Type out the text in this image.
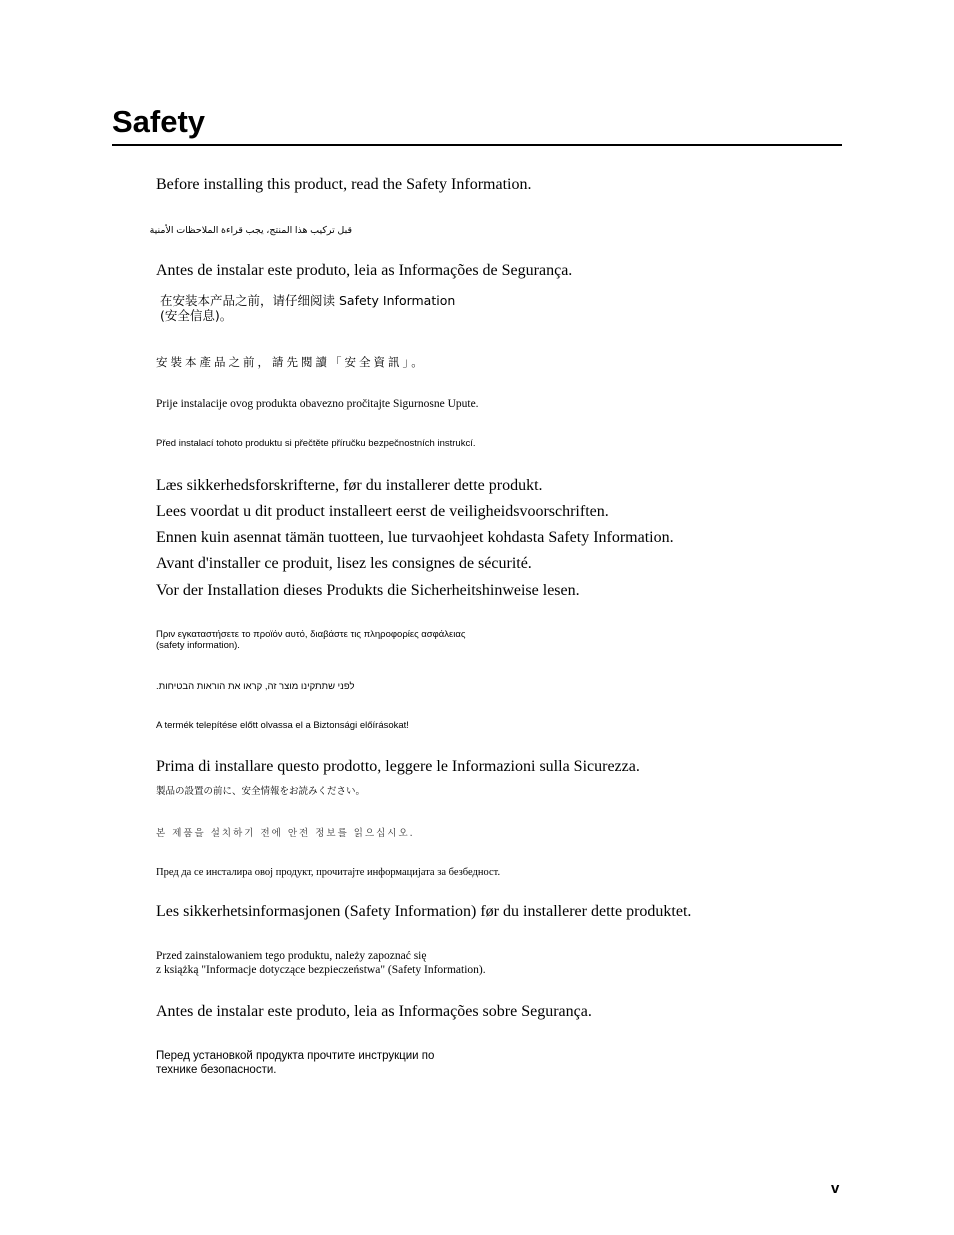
Safety
Before installing this product, read the Safety Information.
قبل تركيب هذا المنتج، يجب قراءة الملاحظات الأمنية
Antes de instalar este produto, leia as Informações de Segurança.
在安装本产品之前，请仔细阅读 Safety Information
(安全信息)。
安裝本產品之前，請先閱讀「安全資訊」。
Prije instalacije ovog produkta obavezno pročitajte Sigurnosne Upute.
Před instalací tohoto produktu si přečtěte příručku bezpečnostních instrukcí.
Læs sikkerhedsforskrifterne, før du installerer dette produkt.
Lees voordat u dit product installeert eerst de veiligheidsvoorschriften.
Ennen kuin asennat tämän tuotteen, lue turvaohjeet kohdasta Safety Information.
Avant d'installer ce produit, lisez les consignes de sécurité.
Vor der Installation dieses Produkts die Sicherheitshinweise lesen.
Πριν εγκαταστήσετε το προϊόν αυτό, διαβάστε τις πληροφορίες ασφάλειας
(safety information).
לפני שתתקינו מוצר זה, קראו את הוראות הבטיחות.
A termék telepítése előtt olvassa el a Biztonsági előírásokat!
Prima di installare questo prodotto, leggere le Informazioni sulla Sicurezza.
製品の設置の前に、安全情報をお読みください。
본 제품을 설치하기 전에 안전 정보를 읽으십시오.
Пред да се инсталира овој продукт, прочитајте информацијата за безбедност.
Les sikkerhetsinformasjonen (Safety Information) før du installerer dette produktet.
Przed zainstalowaniem tego produktu, należy zapoznać się
z książką "Informacje dotyczące bezpieczeństwa" (Safety Information).
Antes de instalar este produto, leia as Informações sobre Segurança.
Перед установкой продукта прочтите инструкции по
технике безопасности.
v
